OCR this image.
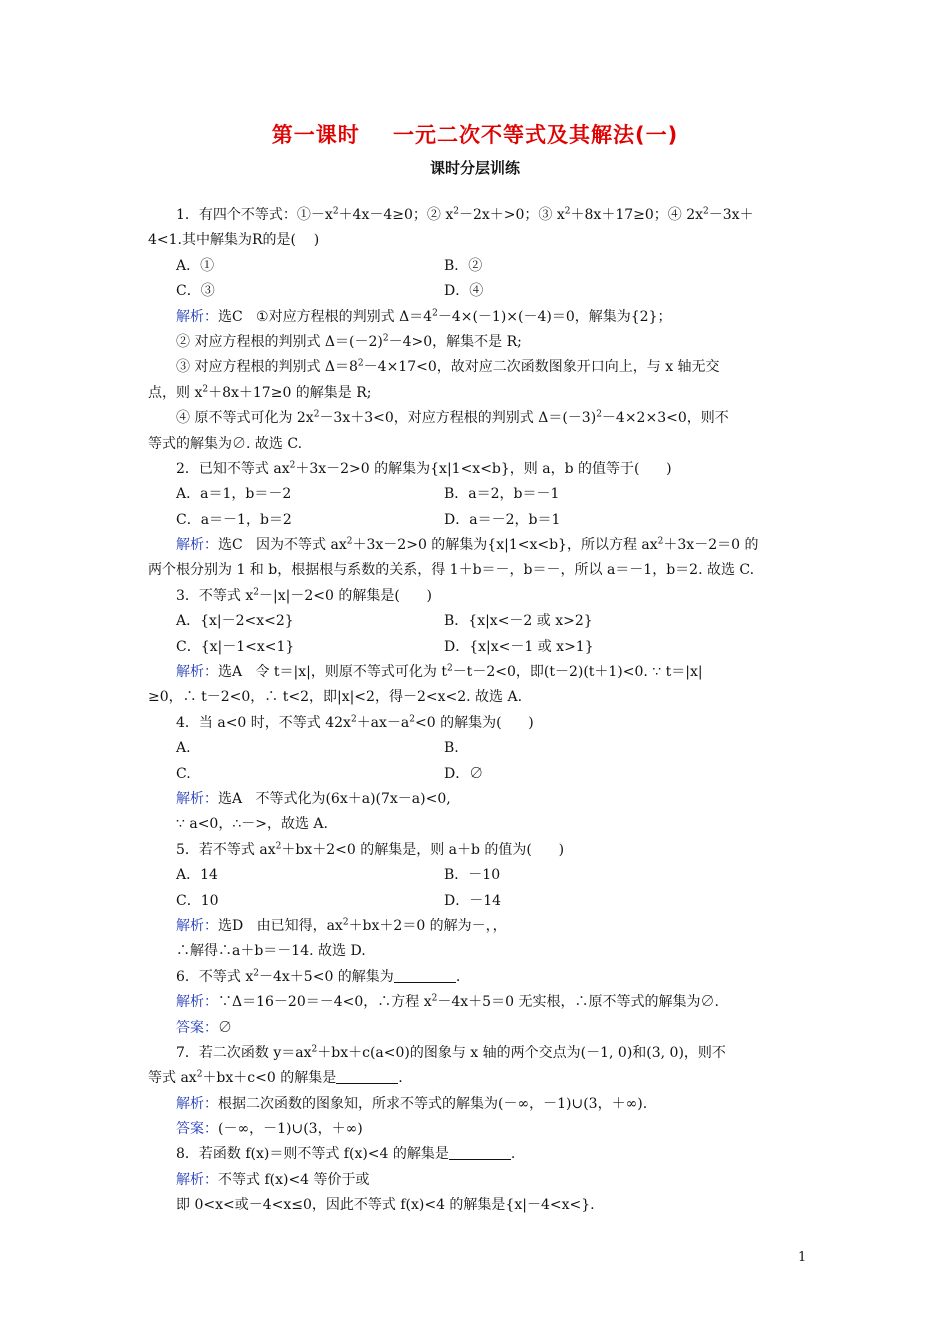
第一课时    一元二次不等式及其解法(一)
课时分层训练
1．有四个不等式：$①-x^2+4x-4\ge 0$；② $x^2-2x+>0$；③ $x^2+8x+17\ge 0$；④ $2x^2-3x+$
4<1.其中解集为R的是(    )
A．①	B．②
C．③	D．④
解析：选C   ①对应方程根的判别式 $\Delta=4^2-4\times(-1)\times(-4)=0$，解集为{2}；
② 对应方程根的判别式 $\Delta=(-2)^2-4>0$，解集不是 R;
③ 对应方程根的判别式 $\Delta=8^2-4\times 17<0$，故对应二次函数图象开口向上，与 x 轴无交
点，则 $x^2+8x+17\ge 0$ 的解集是 R;
④ 原不等式可化为 $2x^2-3x+3<0$，对应方程根的判别式 $\Delta=(-3)^2-4\times 2\times 3<0$，则不
等式的解集为∅. 故选 C.
2．已知不等式 $ax^2+3x-2>0$ 的解集为{x|1<x<b}，则 a，b 的值等于(      )
A．a＝1，b＝－2	B．a＝2，b＝－1
C．a＝－1，b＝2	D．a＝－2，b＝1
解析：选C   因为不等式 $ax^2+3x-2>0$ 的解集为{x|1<x<b}，所以方程 $ax^2+3x-2=0$ 的
两个根分别为 1 和 b，根据根与系数的关系，得 1＋b＝－，b＝－，所以 a＝－1，b＝2. 故选 C.
3．不等式 $x^2-|x|-2<0$ 的解集是(      )
A．{x|－2<x<2}	B．{x|x<－2 或 x>2}
C．{x|－1<x<1}	D．{x|x<－1 或 x>1}
解析：选A   令 t＝|x|，则原不等式可化为 $t^2-t-2<0$，即(t－2)(t＋1)<0. ∵ t＝|x|
≥0，∴ t－2<0，∴ t<2，即|x|<2，得－2<x<2. 故选 A.
4．当 a<0 时，不等式 $42x^2+ax-a^2<0$ 的解集为(      )
A.	B.
C.	D．∅
解析：选A   不等式化为(6x＋a)(7x－a)<0,
∵ a<0，∴－>，故选 A.
5．若不等式 $ax^2+bx+2<0$ 的解集是，则 a＋b 的值为(      )
A．14	B．－10
C．10	D．－14
解析：选D   由已知得，$ax^2+bx+2=0$ 的解为－，，
∴解得∴a＋b＝－14. 故选 D.
6．不等式 $x^2-4x+5<0$ 的解集为	.
解析：∵Δ＝16－20＝－4<0，∴方程 $x^2-4x+5=0$ 无实根，∴原不等式的解集为∅.
答案：∅
7．若二次函数 $y=ax^2+bx+c(a<0)$的图象与 x 轴的两个交点为(－1, 0)和(3, 0)，则不
等式 $ax^2+bx+c<0$ 的解集是	.
解析：根据二次函数的图象知，所求不等式的解集为(－∞，－1)∪(3，＋∞).
答案：(－∞，－1)∪(3，＋∞)
8．若函数 f(x)＝则不等式 f(x)<4 的解集是	.
解析：不等式 f(x)<4 等价于或
即 0<x<或－4<x≤0，因此不等式 f(x)<4 的解集是{x|－4<x<}.
1
